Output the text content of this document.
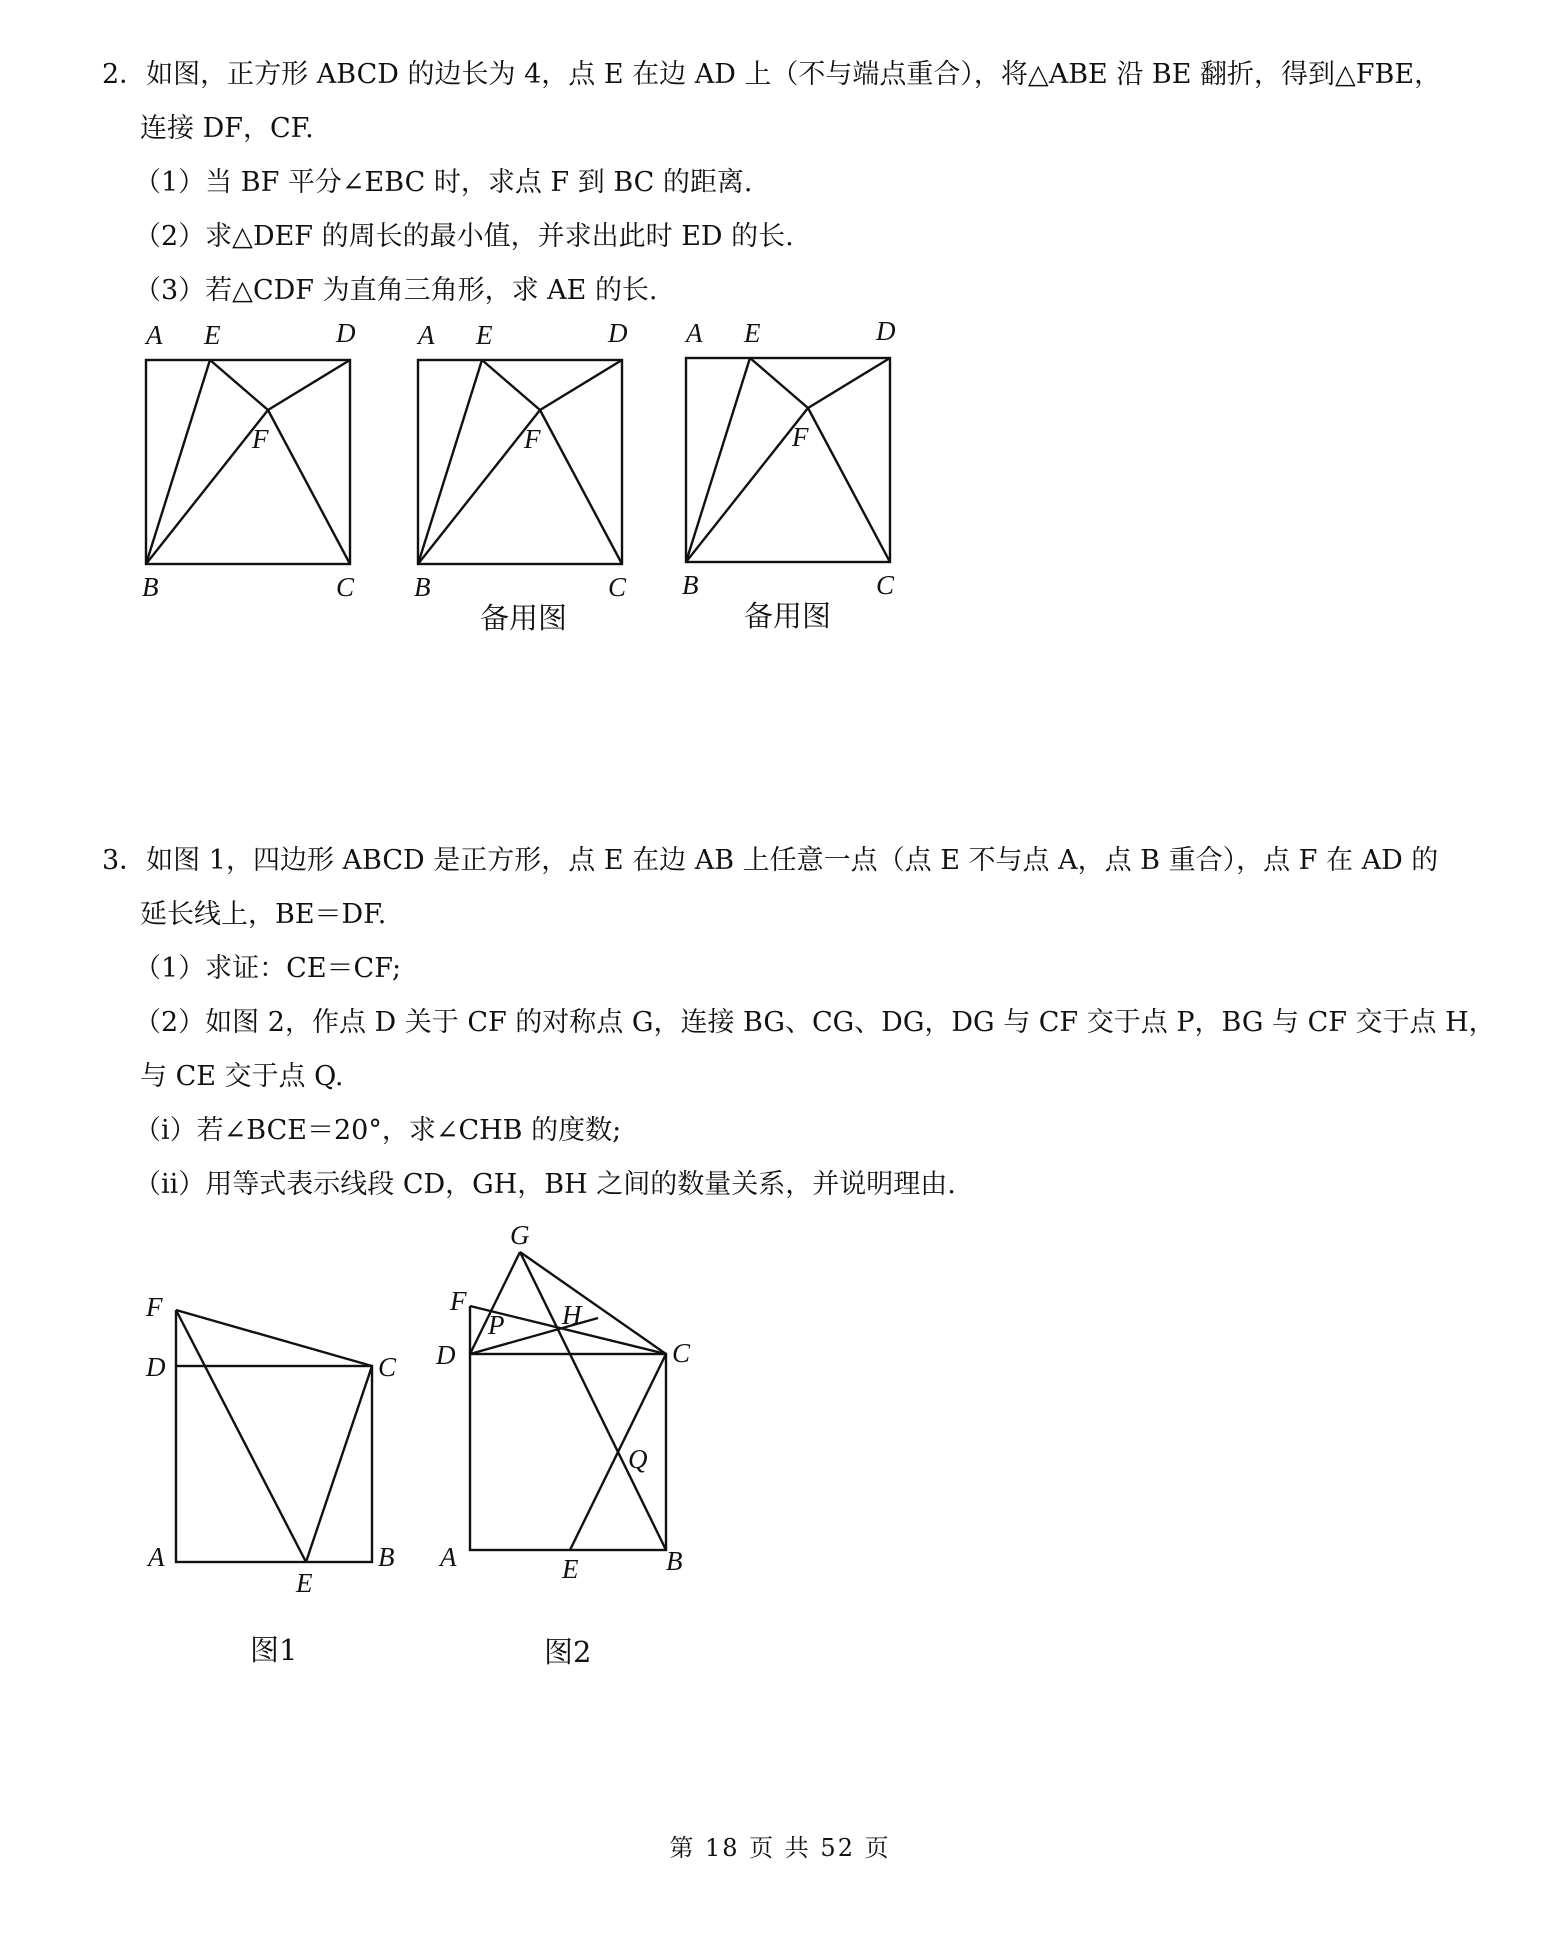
2．如图，正方形 ABCD 的边长为 4，点 E 在边 AD 上（不与端点重合），将△ABE 沿 BE 翻折，得到△FBE，
连接 DF，CF.
（1）当 BF 平分∠EBC 时，求点 F 到 BC 的距离.
（2）求△DEF 的周长的最小值，并求出此时 ED 的长.
（3）若△CDF 为直角三角形，求 AE 的长.
A E	D
F
B	C
A E	D
F
B	C
A E	D
F
B	C
备用图	备用图
3．如图 1，四边形 ABCD 是正方形，点 E 在边 AB 上任意一点（点 E 不与点 A，点 B 重合），点 F 在 AD 的
延长线上，BE＝DF.
（1）求证：CE＝CF;
（2）如图 2，作点 D 关于 CF 的对称点 G，连接 BG、CG、DG，DG 与 CF 交于点 P，BG 与 CF 交于点 H，
与 CE 交于点 Q.
（ⅰ）若∠BCE＝20°，求∠CHB 的度数;
（ⅱ）用等式表示线段 CD，GH，BH 之间的数量关系，并说明理由.
F
D	C
A	B
E
G
F
P H
D	C
Q
A	E	B
图1	图2
第 18 页 共 52 页
